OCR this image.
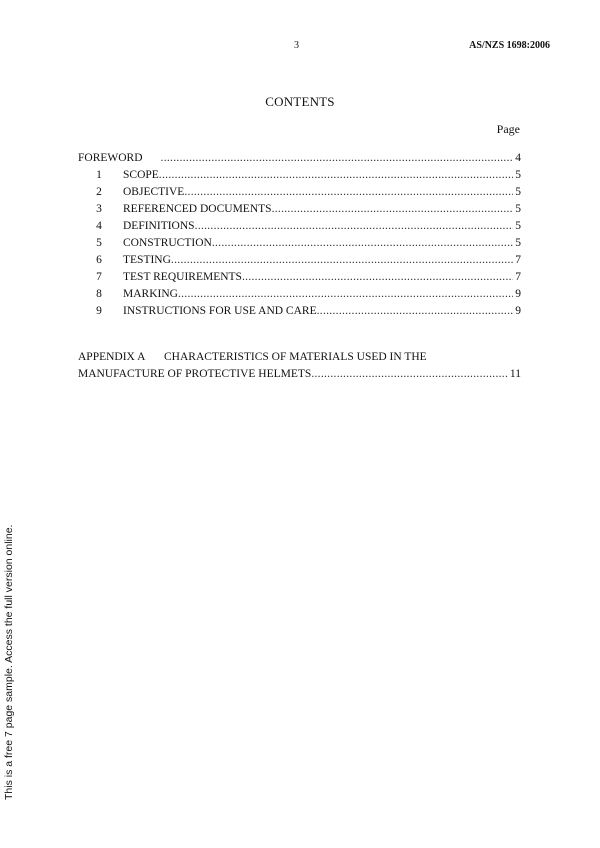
3	AS/NZS 1698:2006
CONTENTS
Page
FOREWORD .....	4
1	SCOPE .....	5
2	OBJECTIVE .....	5
3	REFERENCED DOCUMENTS .....	5
4	DEFINITIONS .....	5
5	CONSTRUCTION .....	5
6	TESTING .....	7
7	TEST REQUIREMENTS .....	7
8	MARKING .....	9
9	INSTRUCTIONS FOR USE AND CARE .....	9
APPENDIX A CHARACTERISTICS OF MATERIALS USED IN THE
MANUFACTURE OF PROTECTIVE HELMETS .....	11
This is a free 7 page sample. Access the full version online.
